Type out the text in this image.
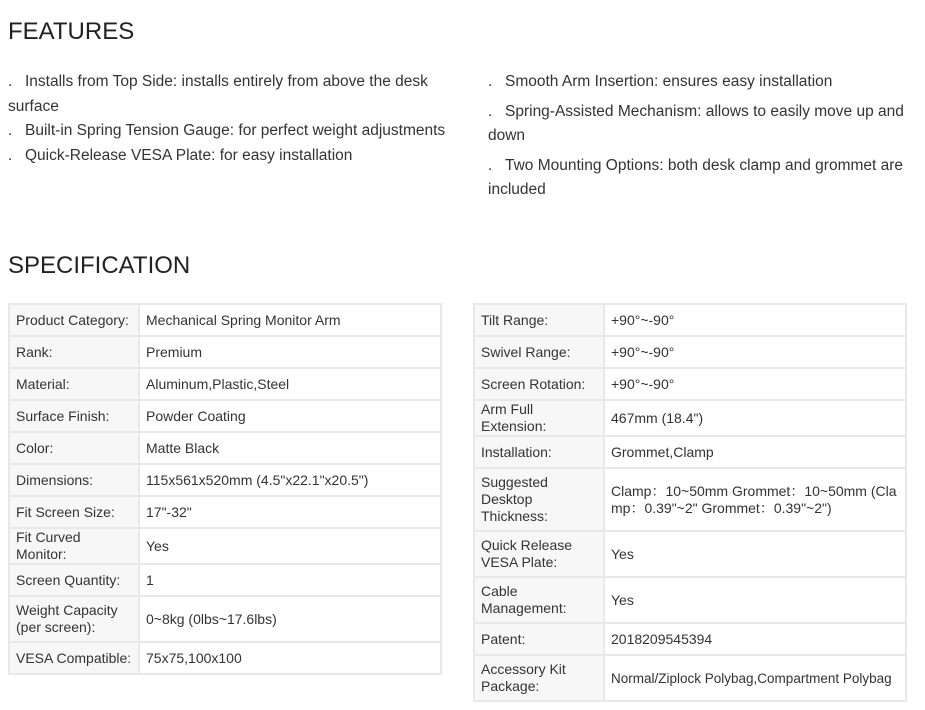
FEATURES

. Installs from Top Side: installs entirely from above the desk surface

. Built-in Spring Tension Gauge: for perfect weight adjustments

. Quick-Release VESA Plate: for easy installation

. Smooth Arm Insertion: ensures easy installation

. Spring-Assisted Mechanism: allows to easily move up and down

. Two Mounting Options: both desk clamp and grommet are included

SPECIFICATION
Product Category:	Mechanical Spring Monitor Arm
Rank:	Premium
Material:	Aluminum,Plastic,Steel
Surface Finish:	Powder Coating
Color:	Matte Black
Dimensions:	115x561x520mm (4.5"x22.1"x20.5")
Fit Screen Size:	17"-32"
Fit Curved Monitor:	Yes
Screen Quantity:	1
Weight Capacity (per screen):	0~8kg (0lbs~17.6lbs)
VESA Compatible:	75x75,100x100
Tilt Range:	+90°~-90°
Swivel Range:	+90°~-90°
Screen Rotation:	+90°~-90°
Arm Full Extension:	467mm (18.4")
Installation:	Grommet,Clamp
Suggested Desktop Thickness:	Clamp：10~50mm Grommet：10~50mm (Clamp：0.39"~2" Grommet：0.39"~2")
Quick Release VESA Plate:	Yes
Cable Management:	Yes
Patent:	2018209545394
Accessory Kit Package:	Normal/Ziplock Polybag,Compartment Polybag
